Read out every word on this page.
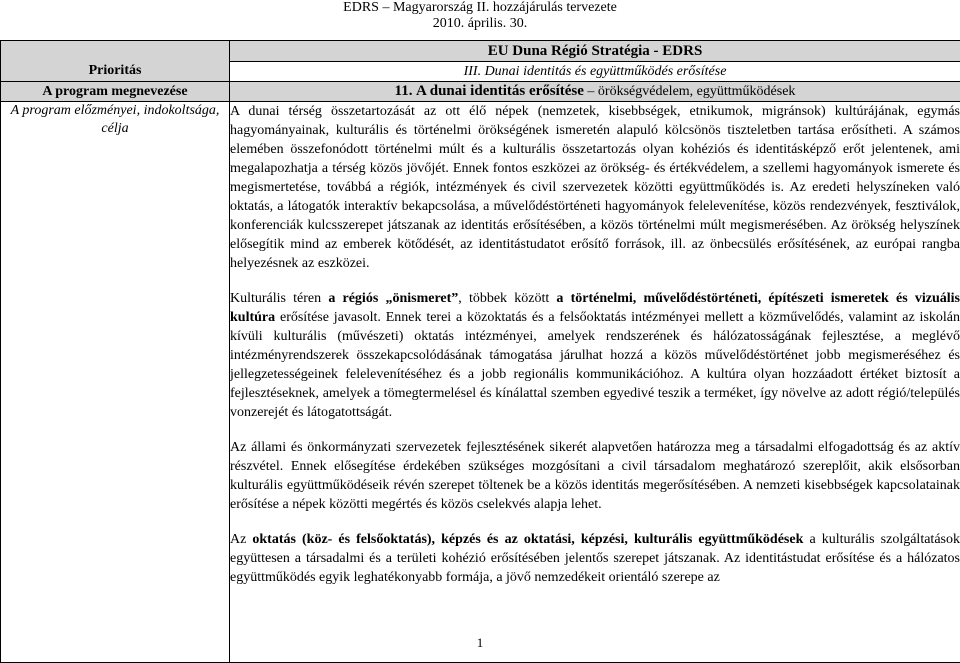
EDRS – Magyarország II. hozzájárulás tervezete
2010. április. 30.
Prioritás	EU Duna Régió Stratégia - EDRS
	III. Dunai identitás és együttműködés erősítése
A program megnevezése	11. A dunai identitás erősítése – örökségvédelem, együttműködések
A program előzményei, indokoltsága, célja	A dunai térség összetartozását az ott élő népek (nemzetek, kisebbségek, etnikumok, migránsok) kultúrájának, egymás hagyományainak, kulturális és történelmi örökségének ismeretén alapuló kölcsönös tiszteletben tartása erősítheti. A számos elemében összefonódott történelmi múlt és a kulturális összetartozás olyan kohéziós és identitásképző erőt jelentenek, ami megalapozhatja a térség közös jövőjét. Ennek fontos eszközei az örökség- és értékvédelem, a szellemi hagyományok ismerete és megismertetése, továbbá a régiók, intézmények és civil szervezetek közötti együttműködés is. Az eredeti helyszíneken való oktatás, a látogatók interaktív bekapcsolása, a művelődéstörténeti hagyományok felelevenítése, közös rendezvények, fesztiválok, konferenciák kulcsszerepet játszanak az identitás erősítésében, a közös történelmi múlt megismerésében. Az örökség helyszínek elősegítik mind az emberek kötődését, az identitástudatot erősítő források, ill. az önbecsülés erősítésének, az európai rangba helyezésnek az eszközei.

Kulturális téren a régiós „önismeret”, többek között a történelmi, művelődéstörténeti, építészeti ismeretek és vizuális kultúra erősítése javasolt. Ennek terei a közoktatás és a felsőoktatás intézményei mellett a közművelődés, valamint az iskolán kívüli kulturális (művészeti) oktatás intézményei, amelyek rendszerének és hálózatosságának fejlesztése, a meglévő intézményrendszerek összekapcsolódásának támogatása járulhat hozzá a közös művelődéstörténet jobb megismeréséhez és jellegzetességeinek felelevenítéséhez és a jobb regionális kommunikációhoz. A kultúra olyan hozzáadott értéket biztosít a fejlesztéseknek, amelyek a tömegtermelésel és kínálattal szemben egyedivé teszik a terméket, így növelve az adott régió/település vonzerejét és látogatottságát.

Az állami és önkormányzati szervezetek fejlesztésének sikerét alapvetően határozza meg a társadalmi elfogadottság és az aktív részvétel. Ennek elősegítése érdekében szükséges mozgósítani a civil társadalom meghatározó szereplőit, akik elsősorban kulturális együttműködéseik révén szerepet töltenek be a közös identitás megerősítésében. A nemzeti kisebbségek kapcsolatainak erősítése a népek közötti megértés és közös cselekvés alapja lehet.

Az oktatás (köz- és felsőoktatás), képzés és az oktatási, képzési, kulturális együttműködések a kulturális szolgáltatások együttesen a társadalmi és a területi kohézió erősítésében jelentős szerepet játszanak. Az identitástudat erősítése és a hálózatos együttműködés egyik leghatékonyabb formája, a jövő nemzedékeit orientáló szerepe az

1
